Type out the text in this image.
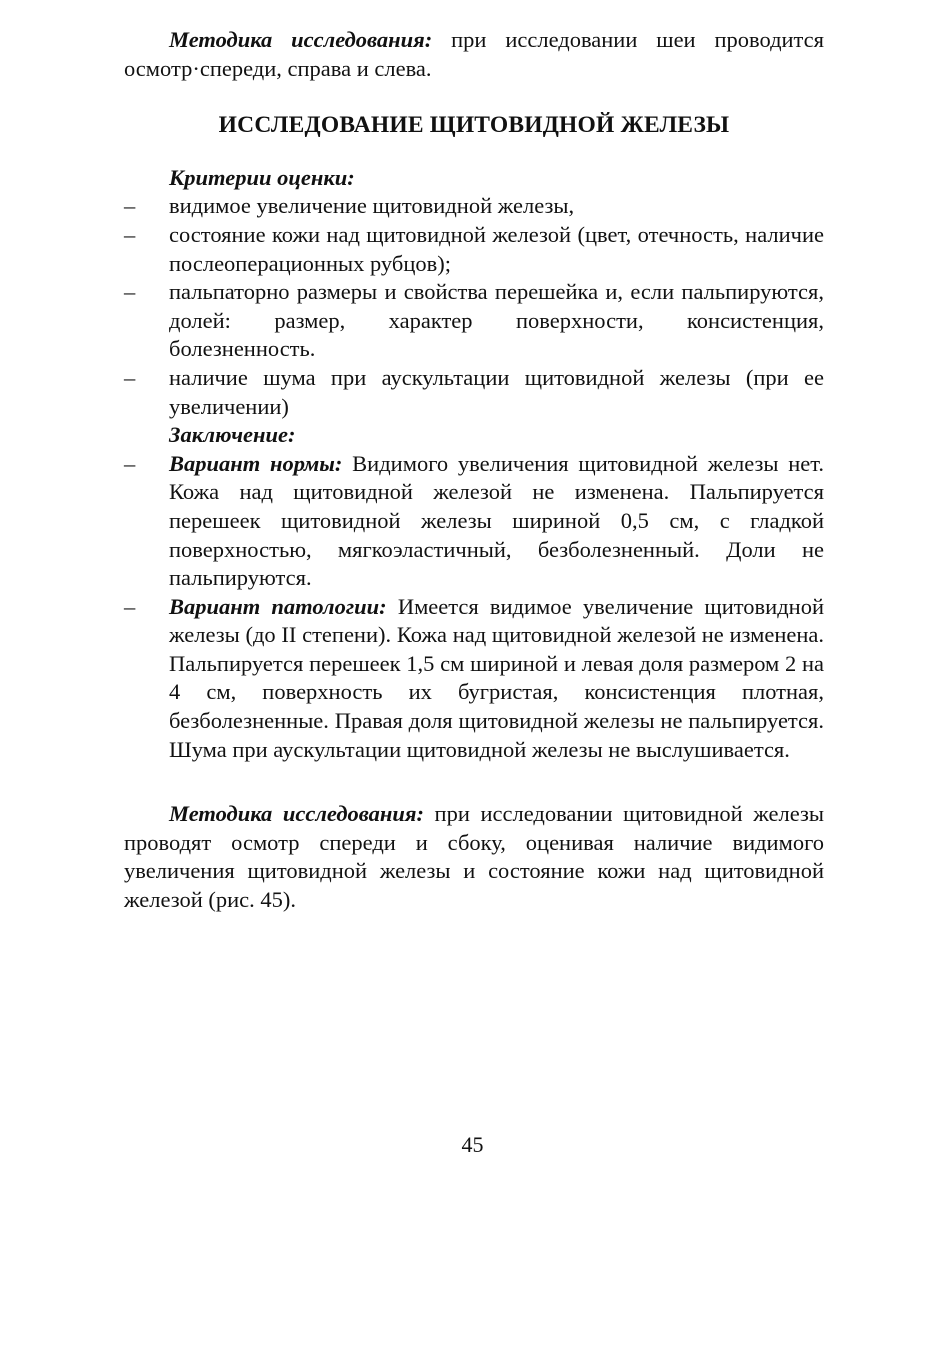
Методика исследования: при исследовании шеи проводится осмотр·спереди, справа и слева.

ИССЛЕДОВАНИЕ ЩИТОВИДНОЙ ЖЕЛЕЗЫ
Критерии оценки:
– видимое увеличение щитовидной железы,
– состояние кожи над щитовидной железой (цвет, отечность, наличие послеоперационных рубцов);
– пальпаторно размеры и свойства перешейка и, если пальпируются, долей: размер, характер поверхности, консистенция, болезненность.
– наличие шума при аускультации щитовидной железы (при ее увеличении)
Заключение:
– Вариант нормы: Видимого увеличения щитовидной железы нет. Кожа над щитовидной железой не изменена. Пальпируется перешеек щитовидной железы шириной 0,5 см, с гладкой поверхностью, мягкоэластичный, безболезненный. Доли не пальпируются.
– Вариант патологии: Имеется видимое увеличение щитовидной железы (до II степени). Кожа над щитовидной железой не изменена. Пальпируется перешеек 1,5 см шириной и левая доля размером 2 на 4 см, поверхность их бугристая, консистенция плотная, безболезненные. Правая доля щитовидной железы не пальпируется. Шума при аускультации щитовидной железы не выслушивается.

Методика исследования: при исследовании щитовидной железы проводят осмотр спереди и сбоку, оценивая наличие видимого увеличения щитовидной железы и состояние кожи над щитовидной железой (рис. 45).

45
